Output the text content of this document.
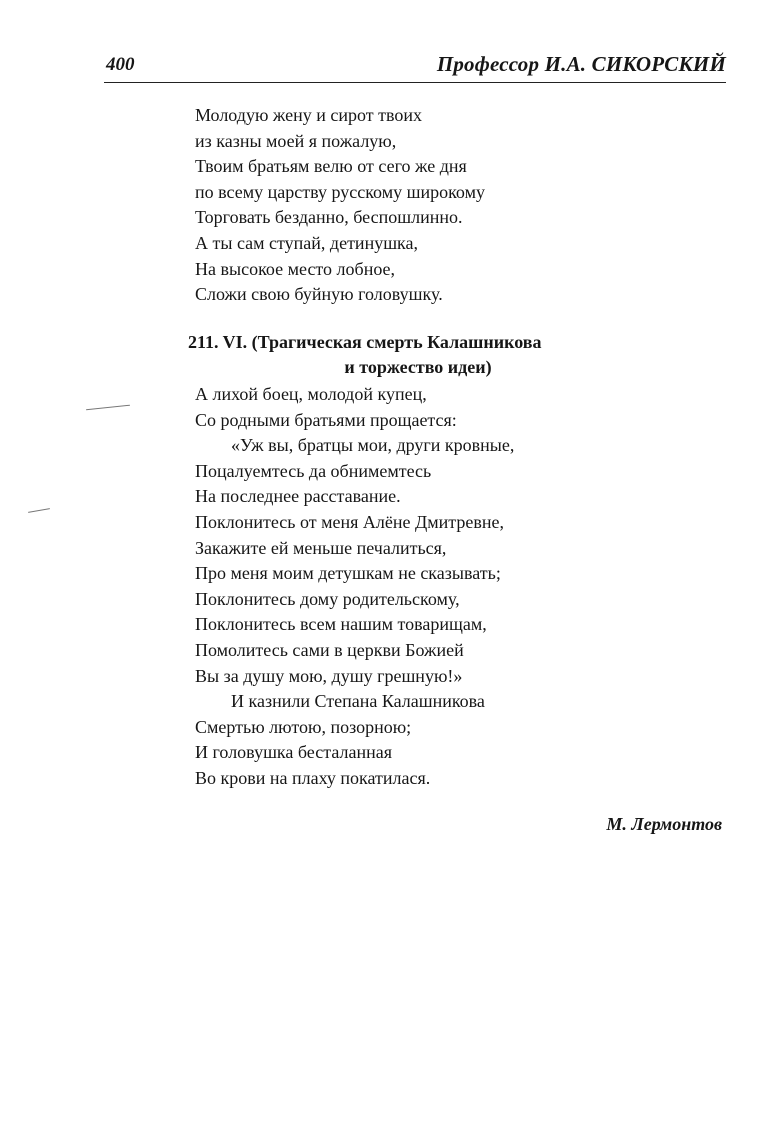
400	Профессор И.А. СИКОРСКИЙ
Молодую жену и сирот твоих
из казны моей я пожалую,
Твоим братьям велю от сего же дня
по всему царству русскому широкому
Торговать безданно, беспошлинно.
А ты сам ступай, детинушка,
На высокое место лобное,
Сложи свою буйную головушку.
211. VI. (Трагическая смерть Калашникова
и торжество идеи)
А лихой боец, молодой купец,
Со родными братьями прощается:
«Уж вы, братцы мои, други кровные,
Поцалуемтесь да обнимемтесь
На последнее расставание.
Поклонитесь от меня Алёне Дмитревне,
Закажите ей меньше печалиться,
Про меня моим детушкам не сказывать;
Поклонитесь дому родительскому,
Поклонитесь всем нашим товарищам,
Помолитесь сами в церкви Божией
Вы за душу мою, душу грешную!»
И казнили Степана Калашникова
Смертью лютою, позорною;
И головушка бесталанная
Во крови на плаху покатилася.
М. Лермонтов
